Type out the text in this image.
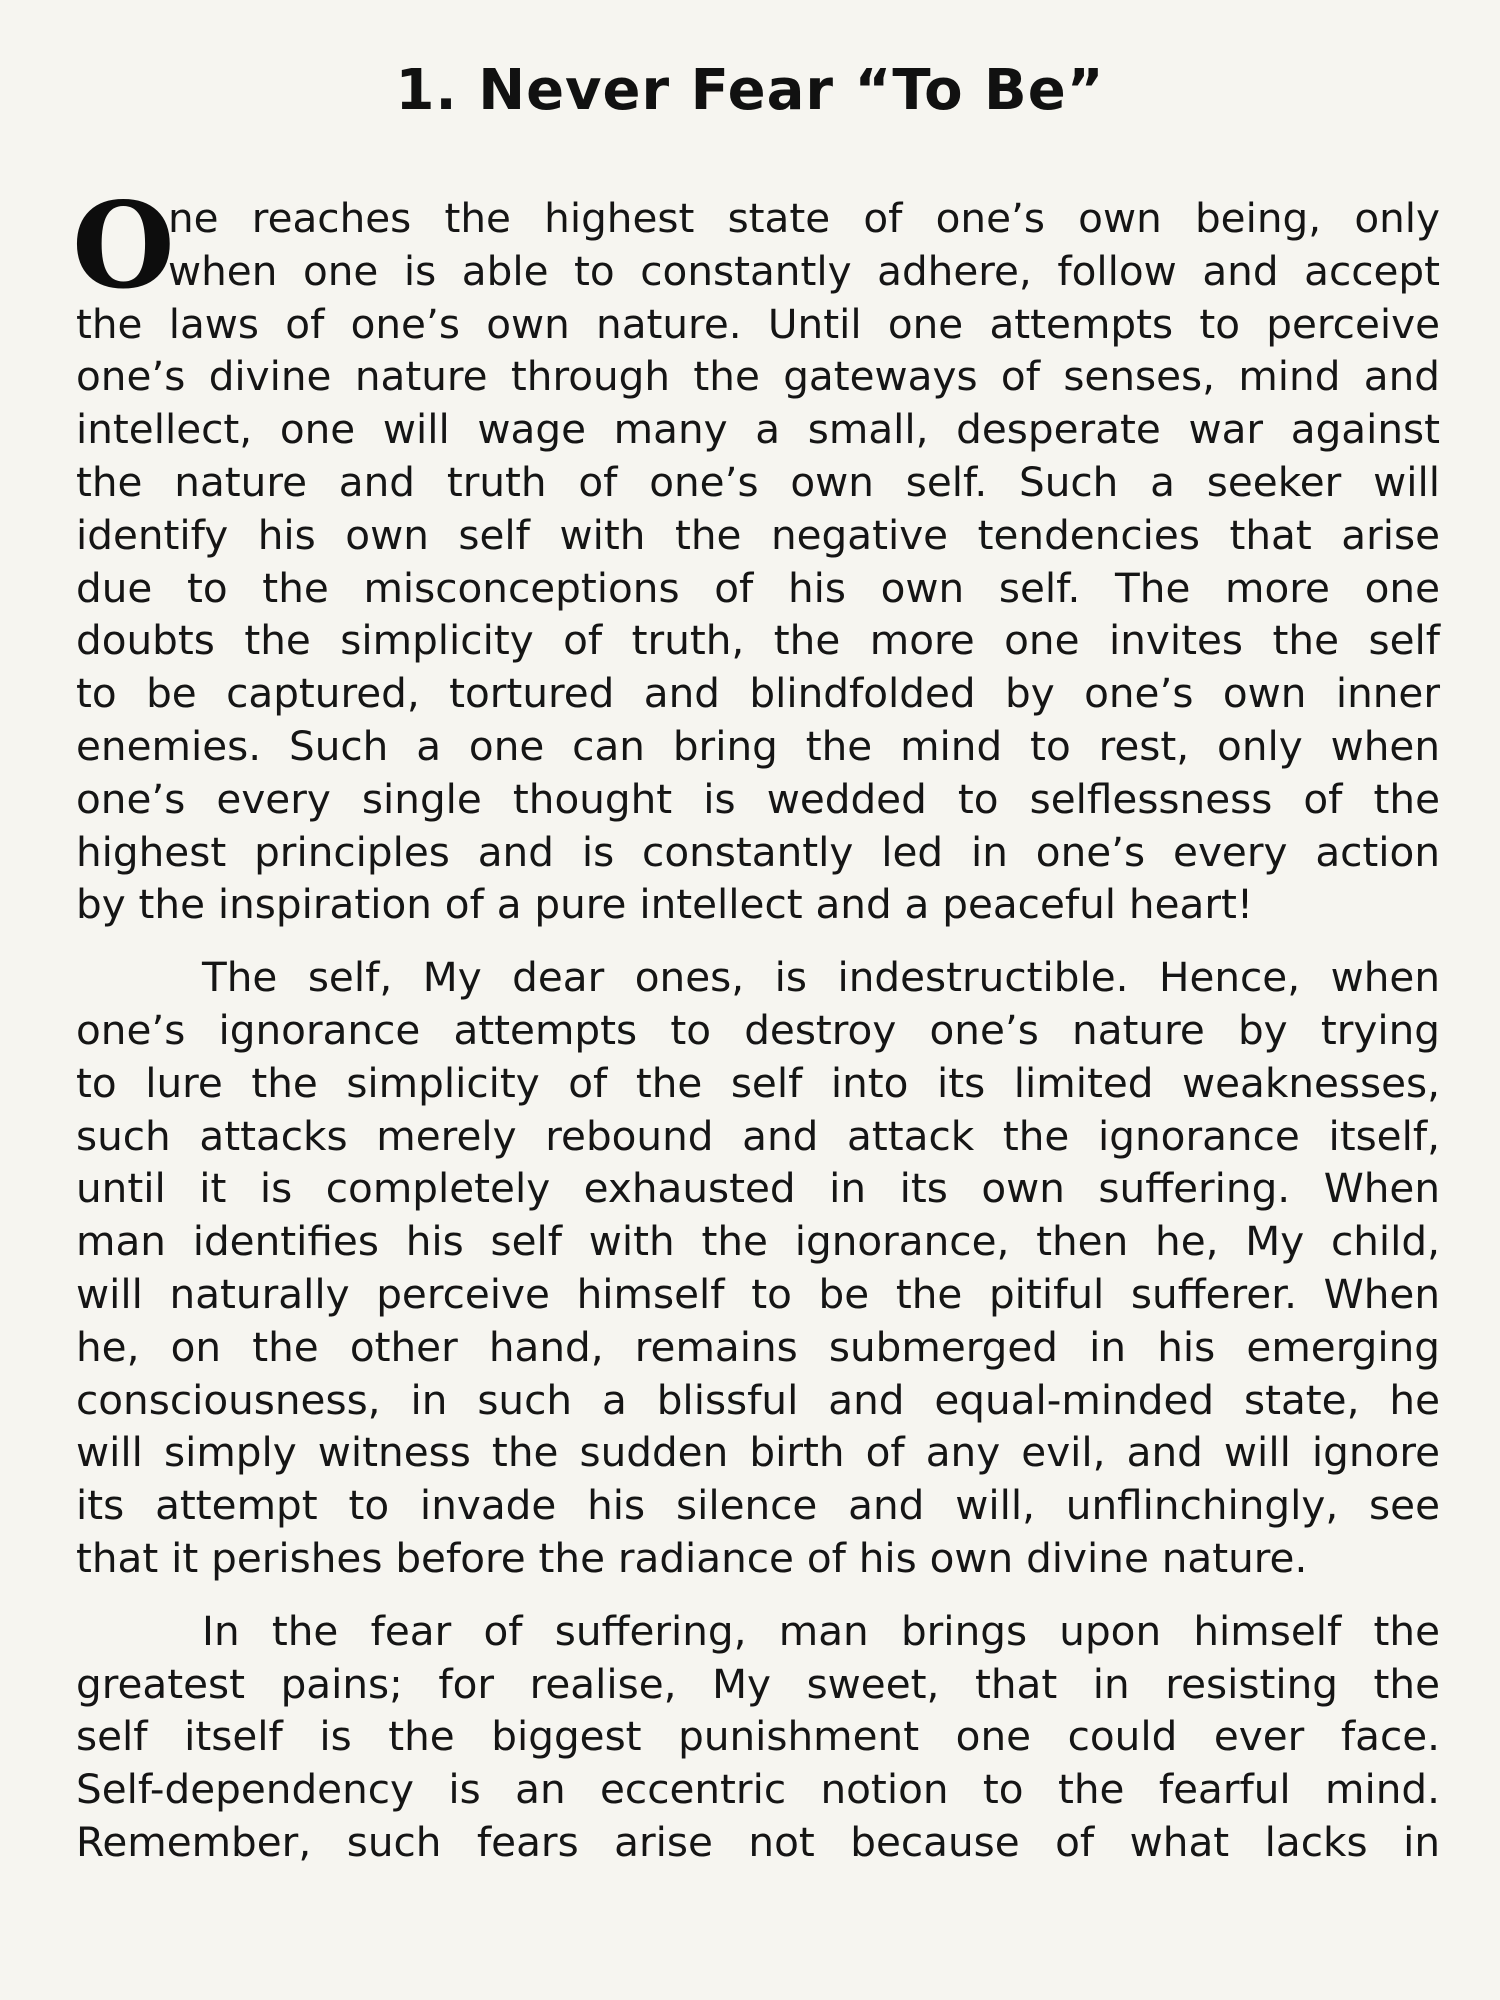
1. Never Fear “To Be”
O
ne reaches the highest state of one’s own being, only
when one is able to constantly adhere, follow and accept
the laws of one’s own nature. Until one attempts to perceive
one’s divine nature through the gateways of senses, mind and
intellect, one will wage many a small, desperate war against
the nature and truth of one’s own self. Such a seeker will
identify his own self with the negative tendencies that arise
due to the misconceptions of his own self. The more one
doubts the simplicity of truth, the more one invites the self
to be captured, tortured and blindfolded by one’s own inner
enemies. Such a one can bring the mind to rest, only when
one’s every single thought is wedded to selflessness of the
highest principles and is constantly led in one’s every action
by the inspiration of a pure intellect and a peaceful heart!
The self, My dear ones, is indestructible. Hence, when
one’s ignorance attempts to destroy one’s nature by trying
to lure the simplicity of the self into its limited weaknesses,
such attacks merely rebound and attack the ignorance itself,
until it is completely exhausted in its own suffering. When
man identifies his self with the ignorance, then he, My child,
will naturally perceive himself to be the pitiful sufferer. When
he, on the other hand, remains submerged in his emerging
consciousness, in such a blissful and equal-minded state, he
will simply witness the sudden birth of any evil, and will ignore
its attempt to invade his silence and will, unflinchingly, see
that it perishes before the radiance of his own divine nature.
In the fear of suffering, man brings upon himself the
greatest pains; for realise, My sweet, that in resisting the
self itself is the biggest punishment one could ever face.
Self-dependency is an eccentric notion to the fearful mind.
Remember, such fears arise not because of what lacks in
